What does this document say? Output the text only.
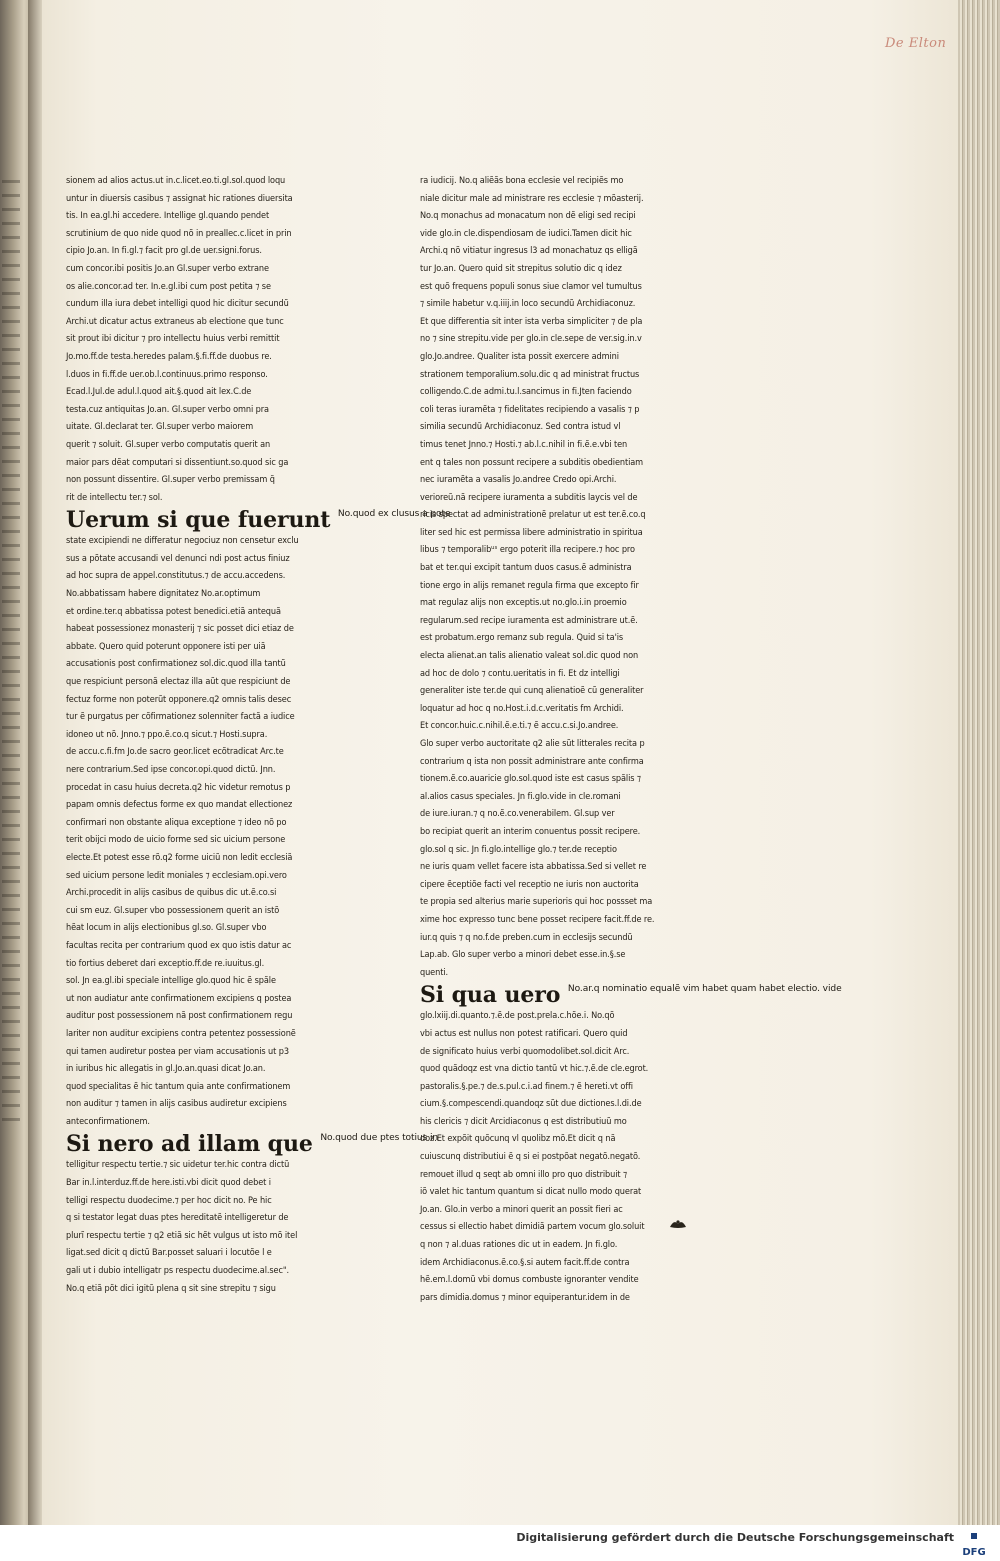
De Elton
sionem ad alios actus.ut in.c.licet.eo.ti.gl.sol.quod loqu
untur in diuersis casibus ⁊ assignat hic rationes diuersita
tis. In ea.gl.hi accedere. Intellige gl.quando pendet
scrutinium de quo nide quod nõ in preallec.c.licet in prin
cipio Jo.an. In fi.gl.⁊ facit pro gl.de uer.signi.forus.
cum concor.ibi positis Jo.an Gl.super verbo extrane
os alie.concor.ad ter. In.e.gl.ibi cum post petita ⁊ se
cundum illa iura debet intelligi quod hic dicitur secundũ
Archi.ut dicatur actus extraneus ab electione que tunc
sit prout ibi dicitur ⁊ pro intellectu huius verbi remittit
Jo.mo.ff.de testa.heredes palam.§.fi.ff.de duobus re.
l.duos in fi.ff.de uer.ob.l.continuus.primo responso.
Ecad.l.Jul.de adul.l.quod ait.§.quod ait lex.C.de
testa.cuz antiquitas Jo.an. Gl.super verbo omni pra
uitate. Gl.declarat ter. Gl.super verbo maiorem
querit ⁊ soluit. Gl.super verbo computatis querit an
maior pars dẽat computari si dissentiunt.so.quod sic ga
non possunt dissentire. Gl.super verbo premissam q̃
rit de intellectu ter.⁊ sol.
Uerum si que fuerunt $^{No.quod ex clusus a pote}$
state excipiendi ne differatur negociuz non censetur exclu
sus a põtate accusandi vel denunci ndi post actus finiuz
ad hoc supra de appel.constitutus.⁊ de accu.accedens.
No.abbatissam habere dignitatez No.ar.optimum
et ordine.ter.q abbatissa potest benedici.etiã antequã
habeat possessionez monasterij ⁊ sic posset dici etiaz de
abbate. Quero quid poterunt opponere isti per uiã
accusationis post confirmationez sol.dic.quod illa tantũ
que respiciunt personã electaz illa aũt que respiciunt de
fectuz forme non poterũt opponere.q2 omnis talis desec
tur ẽ purgatus per cõfirmationez solenniter factã a iudice
idoneo ut nõ. Jnno.⁊ ppo.ẽ.co.q sicut.⁊ Hosti.supra.
de accu.c.fi.fm Jo.de sacro geor.licet ecõtradicat Arc.te
nere contrarium.Sed ipse concor.opi.quod dictũ. Jnn.
procedat in casu huius decreta.q2 hic videtur remotus p
papam omnis defectus forme ex quo mandat ellectionez
confirmari non obstante aliqua exceptione ⁊ ideo nõ po
terit obijci modo de uicio forme sed sic uicium persone
electe.Et potest esse rõ.q2 forme uiciũ non ledit ecclesiã
sed uicium persone ledit moniales ⁊ ecclesiam.opi.vero
Archi.procedit in alijs casibus de quibus dic ut.ẽ.co.si
cui sm euz. Gl.super vbo possessionem querit an istõ
hẽat locum in alijs electionibus gl.so. Gl.super vbo
facultas recita per contrarium quod ex quo istis datur ac
tio fortius deberet dari exceptio.ff.de re.iuuitus.gl.
sol. Jn ea.gl.ibi speciale intellige glo.quod hic ẽ spãle
ut non audiatur ante confirmationem excipiens q postea
auditur post possessionem nã post confirmationem regu
lariter non auditur excipiens contra petentez possessionẽ
qui tamen audiretur postea per viam accusationis ut p3
in iuribus hic allegatis in gl.Jo.an.quasi dicat Jo.an.
quod specialitas ẽ hic tantum quia ante confirmationem
non auditur ⁊ tamen in alijs casibus audiretur excipiens
anteconfirmationem.
Si nero ad illam que $^{No.quod due ptes totius in}$
telligitur respectu tertie.⁊ sic uidetur ter.hic contra dictũ
Bar in.l.interduz.ff.de here.isti.vbi dicit quod debet i
telligi respectu duodecime.⁊ per hoc dicit no. Pe hic
q si testator legat duas ptes hereditatẽ intelligeretur de
plurĩ respectu tertie ⁊ q2 etiã sic hẽt vulgus ut isto mõ itel
ligat.sed dicit q dictũ Bar.posset saluari i locutõe l e
gali ut i dubio intelligatr ps respectu duodecime.al.sec".
No.q etiã põt dici igitũ plena q sit sine strepitu ⁊ sigu
ra iudicij. No.q aliẽãs bona ecclesie vel recipiẽs mo
niale dicitur male ad ministrare res ecclesie ⁊ mõasterij.
No.q monachus ad monacatum non dẽ eligi sed recipi
vide glo.in cle.dispendiosam de iudici.Tamen dicit hic
Archi.q nõ vitiatur ingresus l3 ad monachatuz qs elligã
tur Jo.an. Quero quid sit strepitus solutio dic q idez
est quõ frequens populi sonus siue clamor vel tumultus
⁊ simile habetur v.q.iiij.in loco secundũ Archidiaconuz.
Et que differentia sit inter ista verba simpliciter ⁊ de pla
no ⁊ sine strepitu.vide per glo.in cle.sepe de ver.sig.in.v
glo.Jo.andree. Qualiter ista possit exercere admini
strationem temporalium.solu.dic q ad ministrat fructus
colligendo.C.de admi.tu.l.sancimus in fi.Jten faciendo
coli teras iuramẽta ⁊ fidelitates recipiendo a vasalis ⁊ p
similia secundũ Archidiaconuz. Sed contra istud vl
timus tenet Jnno.⁊ Hosti.⁊ ab.l.c.nihil in fi.ẽ.e.vbi ten
ent q tales non possunt recipere a subditis obedientiam
nec iuramẽta a vasalis Jo.andree Credo opi.Archi.
verioreũ.nã recipere iuramenta a subditis laycis vel de
ricis spectat ad administrationẽ prelatur ut est ter.ẽ.co.q
liter sed hic est permissa libere administratio in spiritua
libus ⁊ temporalibᵘˢ ergo poterit illa recipere.⁊ hoc pro
bat et ter.qui excipit tantum duos casus.ẽ administra
tione ergo in alijs remanet regula firma que excepto fir
mat regulaz alijs non exceptis.ut no.glo.i.in proemio
regularum.sed recipe iuramenta est administrare ut.ẽ.
est probatum.ergo remanz sub regula. Quid si ta'is
electa alienat.an talis alienatio valeat sol.dic quod non
ad hoc de dolo ⁊ contu.ueritatis in fi. Et dz intelligi
generaliter iste ter.de qui cunq alienatioẽ cũ generaliter
loquatur ad hoc q no.Host.i.d.c.veritatis fm Archidi.
Et concor.huic.c.nihil.ẽ.e.ti.⁊ ẽ accu.c.si.Jo.andree.
Glo super verbo auctoritate q2 alie sũt litterales recita p
contrarium q ista non possit administrare ante confirma
tionem.ẽ.co.auaricie glo.sol.quod iste est casus spãlis ⁊
al.alios casus speciales. Jn fi.glo.vide in cle.romani
de iure.iuran.⁊ q no.ẽ.co.venerabilem. Gl.sup ver
bo recipiat querit an interim conuentus possit recipere.
glo.sol q sic. Jn fi.glo.intellige glo.⁊ ter.de receptio
ne iuris quam vellet facere ista abbatissa.Sed si vellet re
cipere ẽceptiõe facti vel receptio ne iuris non auctorita
te propia sed alterius marie superioris qui hoc possset ma
xime hoc expresso tunc bene posset recipere facit.ff.de re.
iur.q quis ⁊ q no.f.de preben.cum in ecclesijs secundũ
Lap.ab. Glo super verbo a minori debet esse.in.§.se
quenti.
Si qua uero $^{No.ar.q nominatio equalẽ vim habet quam habet electio. vide}$
glo.lxiij.di.quanto.⁊.ẽ.de post.prela.c.hõe.i. No.qõ
vbi actus est nullus non potest ratificari. Quero quid
de significato huius verbi quomodolibet.sol.dicit Arc.
quod quãdoqz est vna dictio tantũ vt hic.⁊.ẽ.de cle.egrot.
pastoralis.§.pe.⁊ de.s.pul.c.i.ad finem.⁊ ẽ hereti.vt offi
cium.§.compescendi.quandoqz sũt due dictiones.l.di.de
his clericis ⁊ dicit Arcidiaconus q est distributiuũ mo
doz.Et expõit quõcunq vl quolibz mõ.Et dicit q nã
cuiuscunq distributiui ẽ q si ei postpõat negatõ.negatõ.
remouet illud q seqt ab omni illo pro quo distribuit ⁊
iõ valet hic tantum quantum si dicat nullo modo querat
Jo.an. Glo.in verbo a minori querit an possit fieri ac
cessus si ellectio habet dimidiã partem vocum glo.soluit
q non ⁊ al.duas rationes dic ut in eadem. Jn fi.glo.
idem Archidiaconus.ẽ.co.§.si autem facit.ff.de contra
hẽ.em.l.domũ vbi domus combuste ignoranter vendite
pars dimidia.domus ⁊ minor equiperantur.idem in de
Digitalisierung gefördert durch die Deutsche Forschungsgemeinschaft
DFG
